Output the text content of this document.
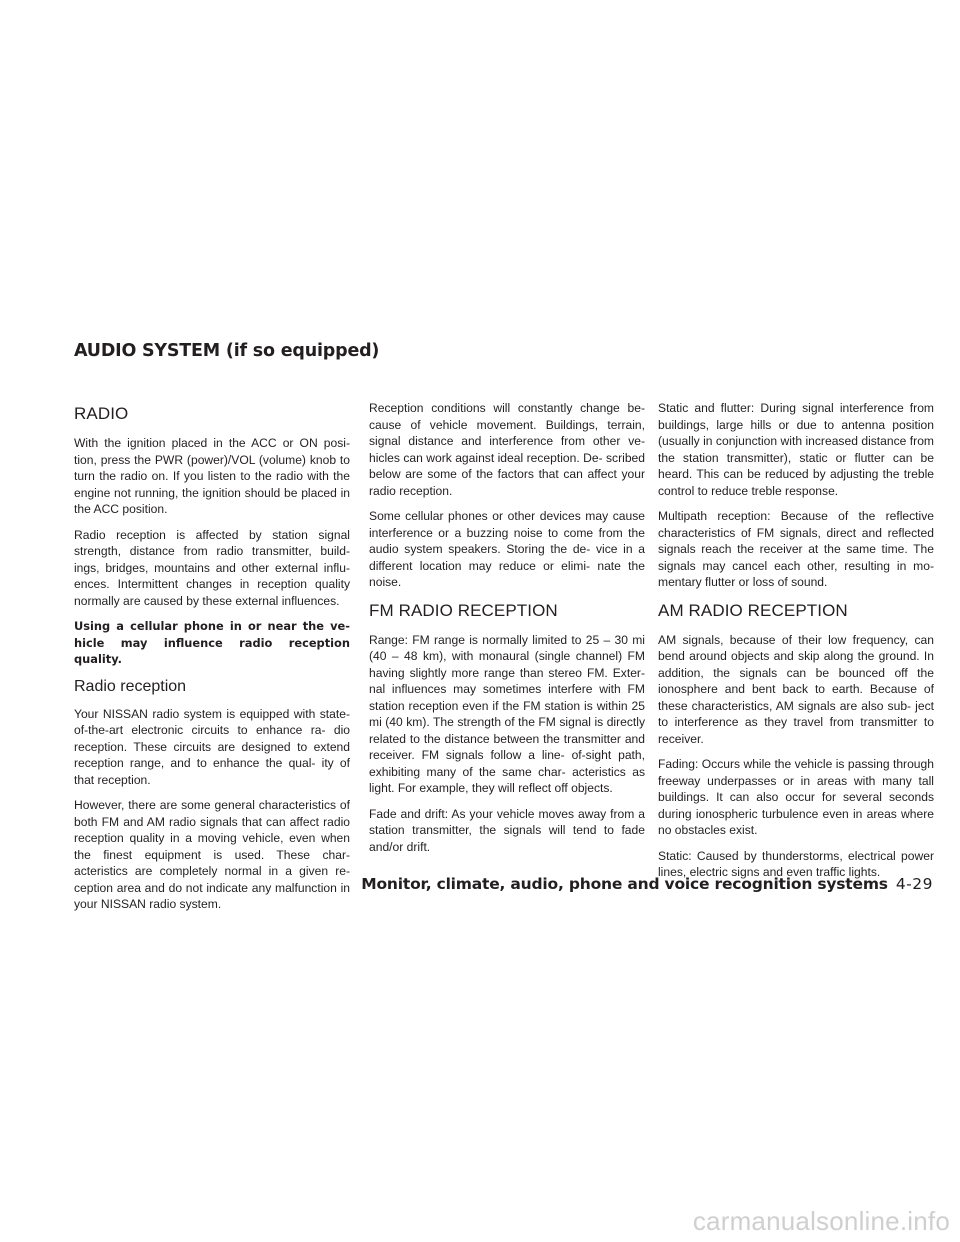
AUDIO SYSTEM (if so equipped)
RADIO

With the ignition placed in the ACC or ON posi- tion, press the PWR (power)/VOL (volume) knob to turn the radio on. If you listen to the radio with the engine not running, the ignition should be placed in the ACC position.

Radio reception is affected by station signal strength, distance from radio transmitter, build- ings, bridges, mountains and other external influ- ences. Intermittent changes in reception quality normally are caused by these external influences.

Using a cellular phone in or near the ve- hicle may influence radio reception quality.

Radio reception

Your NISSAN radio system is equipped with state-of-the-art electronic circuits to enhance ra- dio reception. These circuits are designed to extend reception range, and to enhance the qual- ity of that reception.

However, there are some general characteristics of both FM and AM radio signals that can affect radio reception quality in a moving vehicle, even when the finest equipment is used. These char- acteristics are completely normal in a given re- ception area and do not indicate any malfunction in your NISSAN radio system.

Reception conditions will constantly change be- cause of vehicle movement. Buildings, terrain, signal distance and interference from other ve- hicles can work against ideal reception. De- scribed below are some of the factors that can affect your radio reception.

Some cellular phones or other devices may cause interference or a buzzing noise to come from the audio system speakers. Storing the de- vice in a different location may reduce or elimi- nate the noise.

FM RADIO RECEPTION

Range: FM range is normally limited to 25 – 30 mi (40 – 48 km), with monaural (single channel) FM having slightly more range than stereo FM. Exter- nal influences may sometimes interfere with FM station reception even if the FM station is within 25 mi (40 km). The strength of the FM signal is directly related to the distance between the transmitter and receiver. FM signals follow a line- of-sight path, exhibiting many of the same char- acteristics as light. For example, they will reflect off objects.

Fade and drift: As your vehicle moves away from a station transmitter, the signals will tend to fade and/or drift.

Static and flutter: During signal interference from buildings, large hills or due to antenna position (usually in conjunction with increased distance from the station transmitter), static or flutter can be heard. This can be reduced by adjusting the treble control to reduce treble response.

Multipath reception: Because of the reflective characteristics of FM signals, direct and reflected signals reach the receiver at the same time. The signals may cancel each other, resulting in mo- mentary flutter or loss of sound.

AM RADIO RECEPTION

AM signals, because of their low frequency, can bend around objects and skip along the ground. In addition, the signals can be bounced off the ionosphere and bent back to earth. Because of these characteristics, AM signals are also sub- ject to interference as they travel from transmitter to receiver.

Fading: Occurs while the vehicle is passing through freeway underpasses or in areas with many tall buildings. It can also occur for several seconds during ionospheric turbulence even in areas where no obstacles exist.

Static: Caused by thunderstorms, electrical power lines, electric signs and even traffic lights.

Monitor, climate, audio, phone and voice recognition systems 4-29
carmanualsonline.info
